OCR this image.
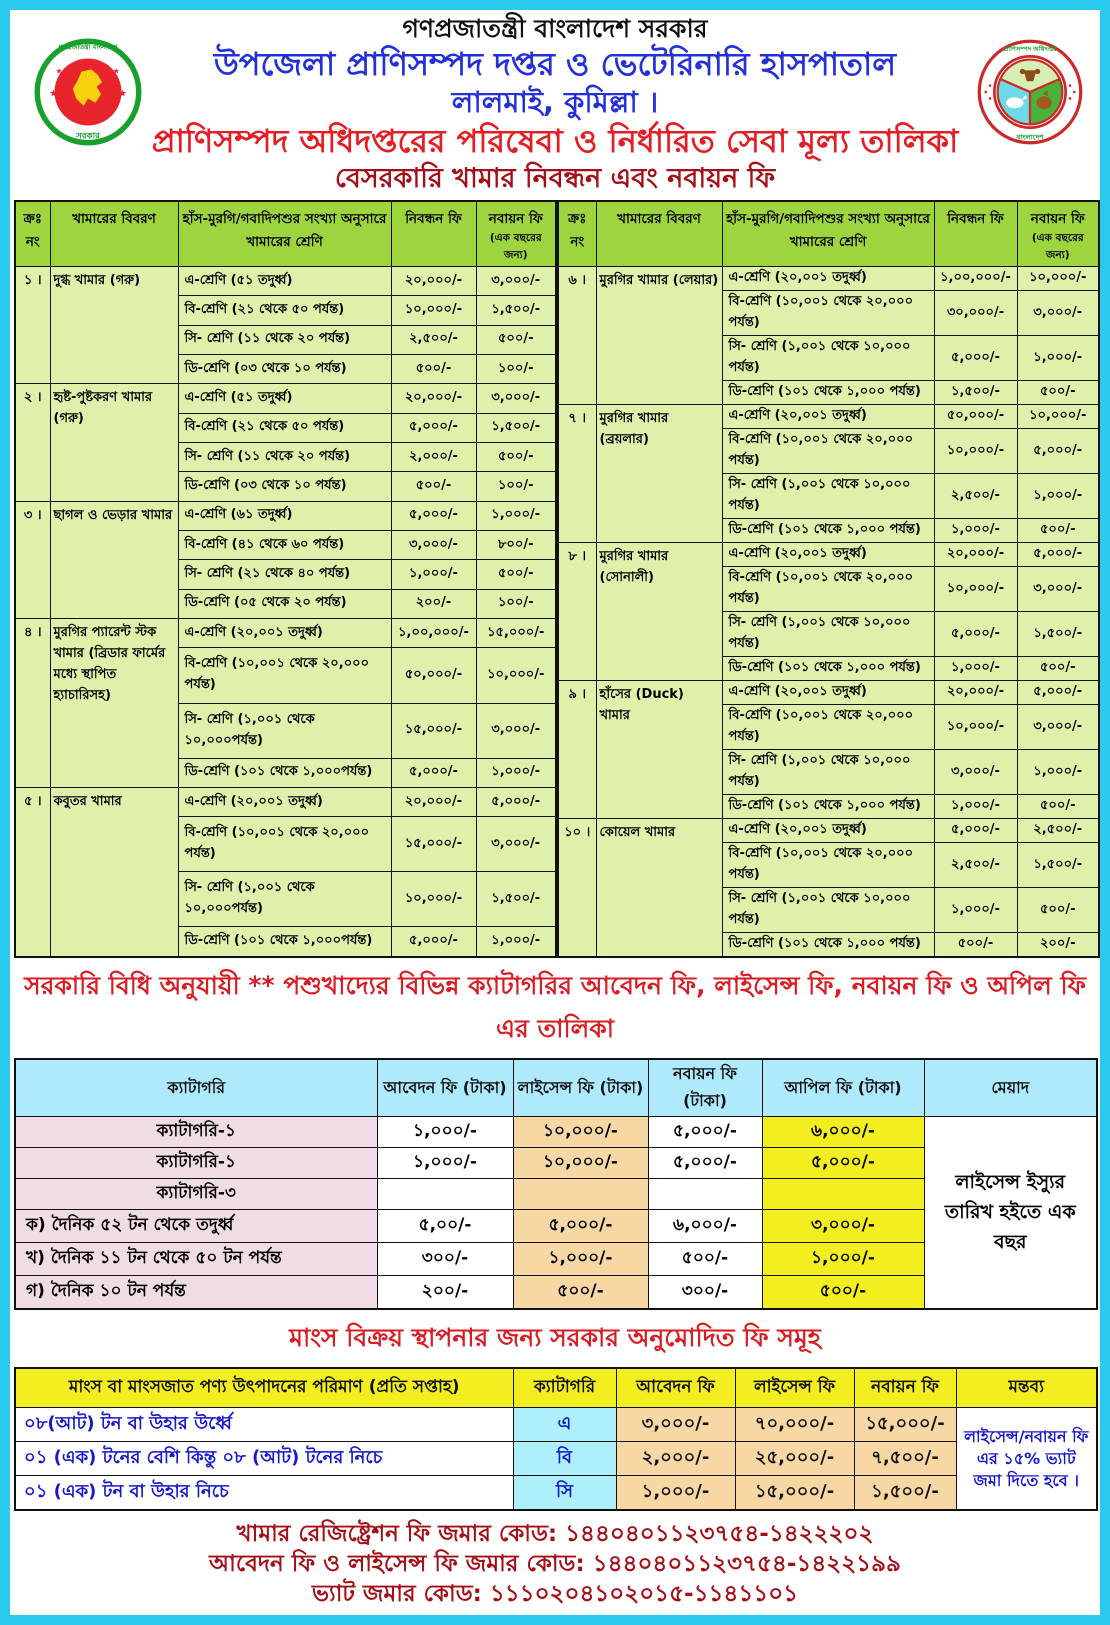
★	★
★	★
সরকার
গণপ্রজাতন্ত্রী বাংলাদেশ
গণপ্রজাতন্ত্রী বাংলাদেশ সরকার
উপজেলা প্রাণিসম্পদ দপ্তর ও ভেটেরিনারি হাসপাতাল
লালমাই, কুমিল্লা ।
প্রাণিসম্পদ অধিদপ্তর
বাংলাদেশ
প্রাণিসম্পদ অধিদপ্তরের পরিষেবা ও নির্ধারিত সেবা মূল্য তালিকা
বেসরকারি খামার নিবন্ধন এবং নবায়ন ফি
ক্রঃ নং	খামারের বিবরণ	হাঁস-মুরগি/গবাদিপশুর সংখ্যা অনুসারে খামারের শ্রেণি	নিবন্ধন ফি	নবায়ন ফি
(এক বছরের জন্য)

১ ।	দুগ্ধ খামার (গরু)	এ-শ্রেণি (৫১ তদুর্ধ্ব)	২০,০০০/-	৩,০০০/-
		বি-শ্রেণি (২১ থেকে ৫০ পর্যন্ত)	১০,০০০/-	১,৫০০/-
		সি- শ্রেণি (১১ থেকে ২০ পর্যন্ত)	২,৫০০/-	৫০০/-
		ডি-শ্রেণি (০৩ থেকে ১০ পর্যন্ত)	৫০০/-	১০০/-
২ ।	হৃষ্ট-পুষ্টকরণ খামার (গরু)	এ-শ্রেণি (৫১ তদুর্ধ্ব)	২০,০০০/-	৩,০০০/-
		বি-শ্রেণি (২১ থেকে ৫০ পর্যন্ত)	৫,০০০/-	১,৫০০/-
		সি- শ্রেণি (১১ থেকে ২০ পর্যন্ত)	২,০০০/-	৫০০/-
		ডি-শ্রেণি (০৩ থেকে ১০ পর্যন্ত)	৫০০/-	১০০/-
৩ ।	ছাগল ও ভেড়ার খামার	এ-শ্রেণি (৬১ তদুর্ধ্ব)	৫,০০০/-	১,০০০/-
		বি-শ্রেণি (৪১ থেকে ৬০ পর্যন্ত)	৩,০০০/-	৮০০/-
		সি- শ্রেণি (২১ থেকে ৪০ পর্যন্ত)	১,০০০/-	৫০০/-
		ডি-শ্রেণি (০৫ থেকে ২০ পর্যন্ত)	২০০/-	১০০/-
৪ ।	মুরগির প্যারেন্ট স্টক খামার (ব্রিডার ফার্মের মধ্যে স্থাপিত হ্যাচারিসহ)	এ-শ্রেণি (২০,০০১ তদুর্ধ্ব)	১,০০,০০০/-	১৫,০০০/-
		বি-শ্রেণি (১০,০০১ থেকে ২০,০০০ পর্যন্ত)	৫০,০০০/-	১০,০০০/-
		সি- শ্রেণি (১,০০১ থেকে ১০,০০০পর্যন্ত)	১৫,০০০/-	৩,০০০/-
		ডি-শ্রেণি (১০১ থেকে ১,০০০পর্যন্ত)	৫,০০০/-	১,০০০/-
৫ ।	কবুতর খামার	এ-শ্রেণি (২০,০০১ তদুর্ধ্ব)	২০,০০০/-	৫,০০০/-
		বি-শ্রেণি (১০,০০১ থেকে ২০,০০০ পর্যন্ত)	১৫,০০০/-	৩,০০০/-
		সি- শ্রেণি (১,০০১ থেকে ১০,০০০পর্যন্ত)	১০,০০০/-	১,৫০০/-
		ডি-শ্রেণি (১০১ থেকে ১,০০০পর্যন্ত)	৫,০০০/-	১,০০০/-
ক্রঃ নং	খামারের বিবরণ	হাঁস-মুরগি/গবাদিপশুর সংখ্যা অনুসারে খামারের শ্রেণি	নিবন্ধন ফি	নবায়ন ফি
(এক বছরের জন্য)

৬ ।	মুরগির খামার (লেয়ার)	এ-শ্রেণি (২০,০০১ তদুর্ধ্ব)	১,০০,০০০/-	১০,০০০/-
		বি-শ্রেণি (১০,০০১ থেকে ২০,০০০ পর্যন্ত)	৩০,০০০/-	৩,০০০/-
		সি- শ্রেণি (১,০০১ থেকে ১০,০০০ পর্যন্ত)	৫,০০০/-	১,০০০/-
		ডি-শ্রেণি (১০১ থেকে ১,০০০ পর্যন্ত)	১,৫০০/-	৫০০/-
৭ ।	মুরগির খামার (ব্রয়লার)	এ-শ্রেণি (২০,০০১ তদুর্ধ্ব)	৫০,০০০/-	১০,০০০/-
		বি-শ্রেণি (১০,০০১ থেকে ২০,০০০ পর্যন্ত)	১০,০০০/-	৫,০০০/-
		সি- শ্রেণি (১,০০১ থেকে ১০,০০০ পর্যন্ত)	২,৫০০/-	১,০০০/-
		ডি-শ্রেণি (১০১ থেকে ১,০০০ পর্যন্ত)	১,০০০/-	৫০০/-
৮ ।	মুরগির খামার (সোনালী)	এ-শ্রেণি (২০,০০১ তদুর্ধ্ব)	২০,০০০/-	৫,০০০/-
		বি-শ্রেণি (১০,০০১ থেকে ২০,০০০ পর্যন্ত)	১০,০০০/-	৩,০০০/-
		সি- শ্রেণি (১,০০১ থেকে ১০,০০০ পর্যন্ত)	৫,০০০/-	১,৫০০/-
		ডি-শ্রেণি (১০১ থেকে ১,০০০ পর্যন্ত)	১,০০০/-	৫০০/-
৯ ।	হাঁসের (Duck) খামার	এ-শ্রেণি (২০,০০১ তদুর্ধ্ব)	২০,০০০/-	৫,০০০/-
		বি-শ্রেণি (১০,০০১ থেকে ২০,০০০ পর্যন্ত)	১০,০০০/-	৩,০০০/-
		সি- শ্রেণি (১,০০১ থেকে ১০,০০০ পর্যন্ত)	৩,০০০/-	১,০০০/-
		ডি-শ্রেণি (১০১ থেকে ১,০০০ পর্যন্ত)	১,০০০/-	৫০০/-
১০ ।	কোয়েল খামার	এ-শ্রেণি (২০,০০১ তদুর্ধ্ব)	৫,০০০/-	২,৫০০/-
		বি-শ্রেণি (১০,০০১ থেকে ২০,০০০ পর্যন্ত)	২,৫০০/-	১,৫০০/-
		সি- শ্রেণি (১,০০১ থেকে ১০,০০০ পর্যন্ত)	১,০০০/-	৫০০/-
		ডি-শ্রেণি (১০১ থেকে ১,০০০ পর্যন্ত)	৫০০/-	২০০/-
সরকারি বিধি অনুযায়ী ** পশুখাদ্যের বিভিন্ন ক্যাটাগরির আবেদন ফি, লাইসেন্স ফি, নবায়ন ফি ও অপিল ফি এর তালিকা
ক্যাটাগরি	আবেদন ফি (টাকা)	লাইসেন্স ফি (টাকা)	নবায়ন ফি (টাকা)	আপিল ফি (টাকা)	মেয়াদ
ক্যাটাগরি-১	১,০০০/-	১০,০০০/-	৫,০০০/-	৬,০০০/-	লাইসেন্স ইস্যুর তারিখ হইতে এক বছর
ক্যাটাগরি-১	১,০০০/-	১০,০০০/-	৫,০০০/-	৫,০০০/-	
ক্যাটাগরি-৩					
ক) দৈনিক ৫২ টন থেকে তদুর্ধ্ব	৫,০০/-	৫,০০০/-	৬,০০০/-	৩,০০০/-	
খ) দৈনিক ১১ টন থেকে ৫০ টন পর্যন্ত	৩০০/-	১,০০০/-	৫০০/-	১,০০০/-	
গ) দৈনিক ১০ টন পর্যন্ত	২০০/-	৫০০/-	৩০০/-	৫০০/-	
মাংস বিক্রয় স্থাপনার জন্য সরকার অনুমোদিত ফি সমূহ
মাংস বা মাংসজাত পণ্য উৎপাদনের পরিমাণ (প্রতি সপ্তাহ)	ক্যাটাগরি	আবেদন ফি	লাইসেন্স ফি	নবায়ন ফি	মন্তব্য
০৮(আট) টন বা উহার উর্ধ্বে	এ	৩,০০০/-	৭০,০০০/-	১৫,০০০/-	লাইসেন্স/নবায়ন ফি এর ১৫% ভ্যাট জমা দিতে হবে ।
০১ (এক) টনের বেশি কিন্তু ০৮ (আট) টনের নিচে	বি	২,০০০/-	২৫,০০০/-	৭,৫০০/-	
০১ (এক) টন বা উহার নিচে	সি	১,০০০/-	১৫,০০০/-	১,৫০০/-	
খামার রেজিষ্ট্রেশন ফি জমার কোড: ১৪৪০৪০১১২৩৭৫৪-১৪২২২০২
আবেদন ফি ও লাইসেন্স ফি জমার কোড: ১৪৪০৪০১১২৩৭৫৪-১৪২২১৯৯
ভ্যাট জমার কোড: ১১১০২০৪১০২০১৫-১১৪১১০১
